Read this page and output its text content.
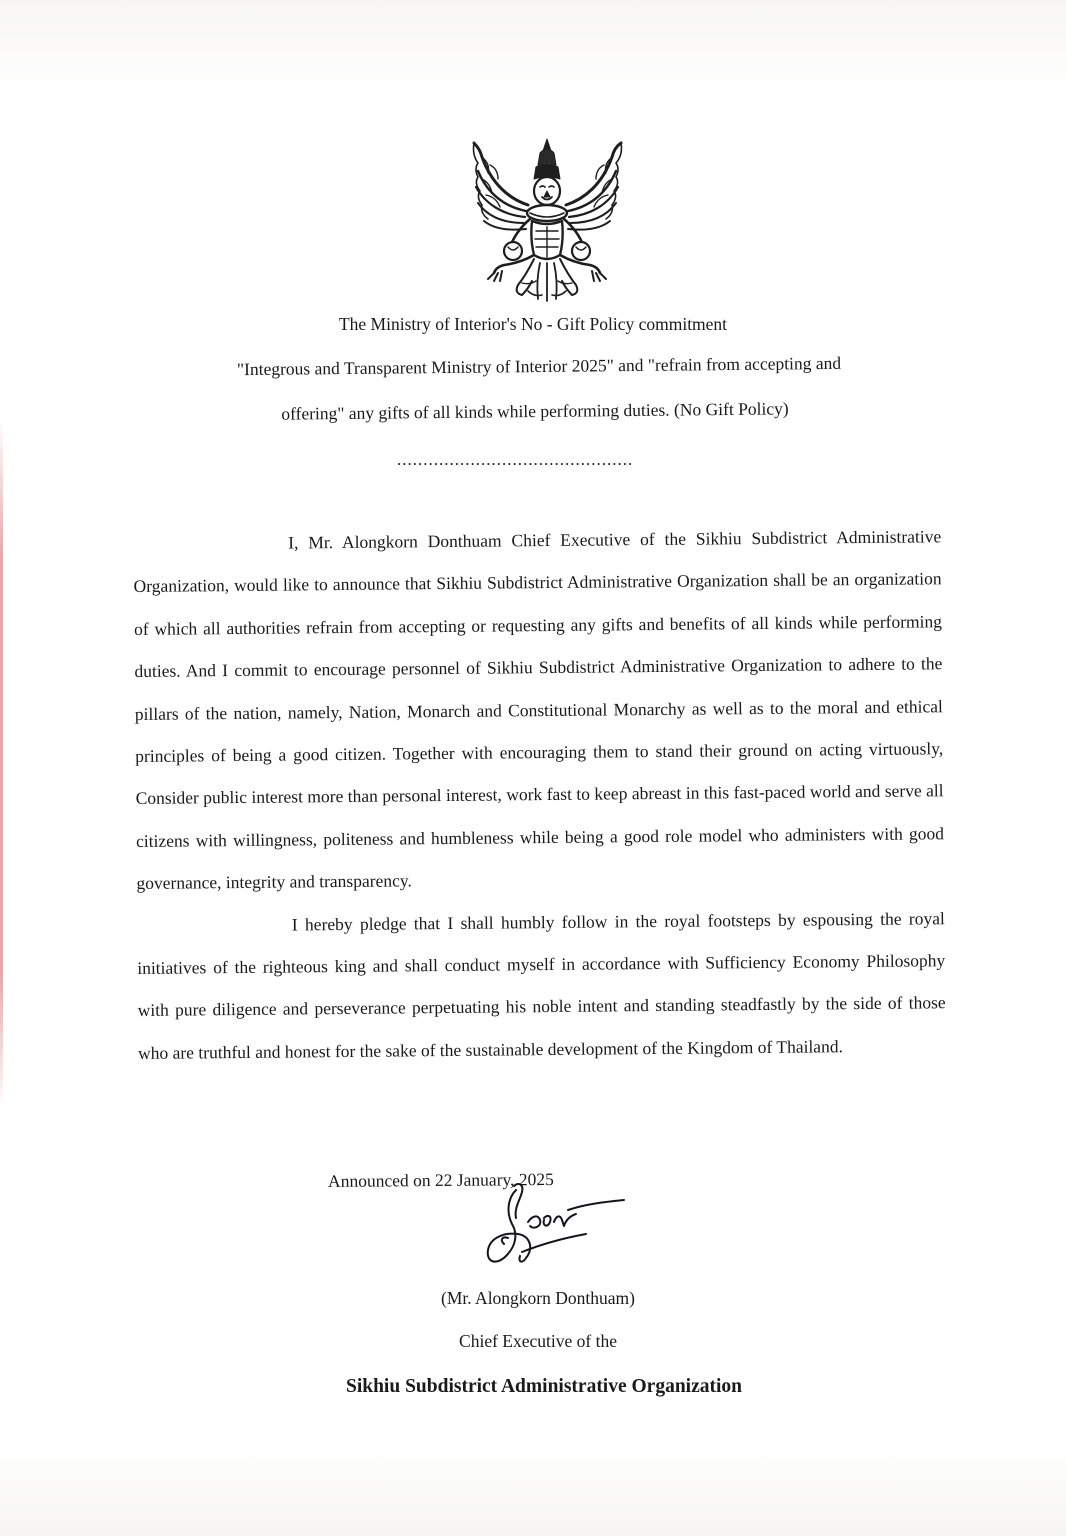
The Ministry of Interior's No - Gift Policy commitment
"Integrous and Transparent Ministry of Interior 2025" and "refrain from accepting and
offering" any gifts of all kinds while performing duties. (No Gift Policy)
.............................................

I, Mr. Alongkorn Donthuam Chief Executive of the Sikhiu Subdistrict Administrative Organization, would like to announce that Sikhiu Subdistrict Administrative Organization shall be an organization of which all authorities refrain from accepting or requesting any gifts and benefits of all kinds while performing duties. And I commit to encourage personnel of Sikhiu Subdistrict Administrative Organization to adhere to the pillars of the nation, namely, Nation, Monarch and Constitutional Monarchy as well as to the moral and ethical principles of being a good citizen. Together with encouraging them to stand their ground on acting virtuously, Consider public interest more than personal interest, work fast to keep abreast in this fast-paced world and serve all citizens with willingness, politeness and humbleness while being a good role model who administers with good governance, integrity and transparency.

I hereby pledge that I shall humbly follow in the royal footsteps by espousing the royal initiatives of the righteous king and shall conduct myself in accordance with Sufficiency Economy Philosophy with pure diligence and perseverance perpetuating his noble intent and standing steadfastly by the side of those who are truthful and honest for the sake of the sustainable development of the Kingdom of Thailand.

Announced on 22 January, 2025
(Mr. Alongkorn Donthuam)
Chief Executive of the
Sikhiu Subdistrict Administrative Organization
